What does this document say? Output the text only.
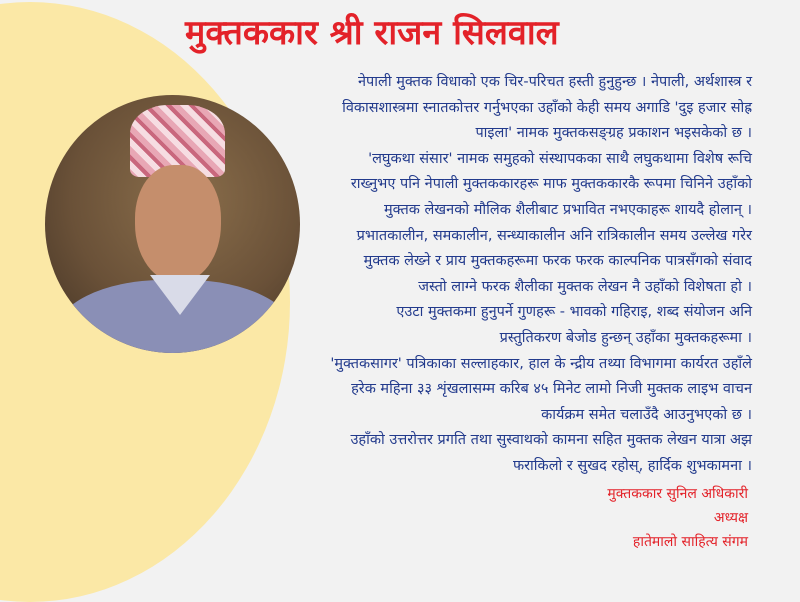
मुक्तककार श्री राजन सिलवाल
नेपाली मुक्तक विधाको एक चिर-परिचत हस्ती हुनुहुन्छ । नेपाली, अर्थशास्त्र र
विकासशास्त्रमा स्नातकोत्तर गर्नुभएका उहाँको केही समय अगाडि 'दुइ हजार सोह्र
पाइला' नामक मुक्तकसङ्ग्रह प्रकाशन भइसकेको छ ।
'लघुकथा संसार' नामक समुहको संस्थापकका साथै लघुकथामा विशेष रूचि
राख्नुभए पनि नेपाली मुक्तककारहरू माफ मुक्तककारकै रूपमा चिनिने उहाँको
मुक्तक लेखनको मौलिक शैलीबाट प्रभावित नभएकाहरू शायदै होलान् ।
प्रभातकालीन, समकालीन, सन्ध्याकालीन अनि रात्रिकालीन समय उल्लेख गरेर
मुक्तक लेख्ने र प्राय मुक्तकहरूमा फरक फरक काल्पनिक पात्रसँगको संवाद
जस्तो लाग्ने फरक शैलीका मुक्तक लेखन नै उहाँको विशेषता हो ।
एउटा मुक्तकमा हुनुपर्ने गुणहरू - भावको गहिराइ, शब्द संयोजन अनि
प्रस्तुतिकरण बेजोड हुन्छन् उहाँका मुक्तकहरूमा ।
'मुक्तकसागर' पत्रिकाका सल्लाहकार, हाल के न्द्रीय तथ्या विभागमा कार्यरत उहाँले
हरेक महिना ३३ शृंखलासम्म करिब ४५ मिनेट लामो निजी मुक्तक लाइभ वाचन
कार्यक्रम समेत चलाउँदै आउनुभएको छ ।
उहाँको उत्तरोत्तर प्रगति तथा सुस्वाथको कामना सहित मुक्तक लेखन यात्रा अझ
फराकिलो र सुखद रहोस्, हार्दिक शुभकामना ।
मुक्तककार सुनिल अधिकारी
अध्यक्ष
हातेमालो साहित्य संगम
